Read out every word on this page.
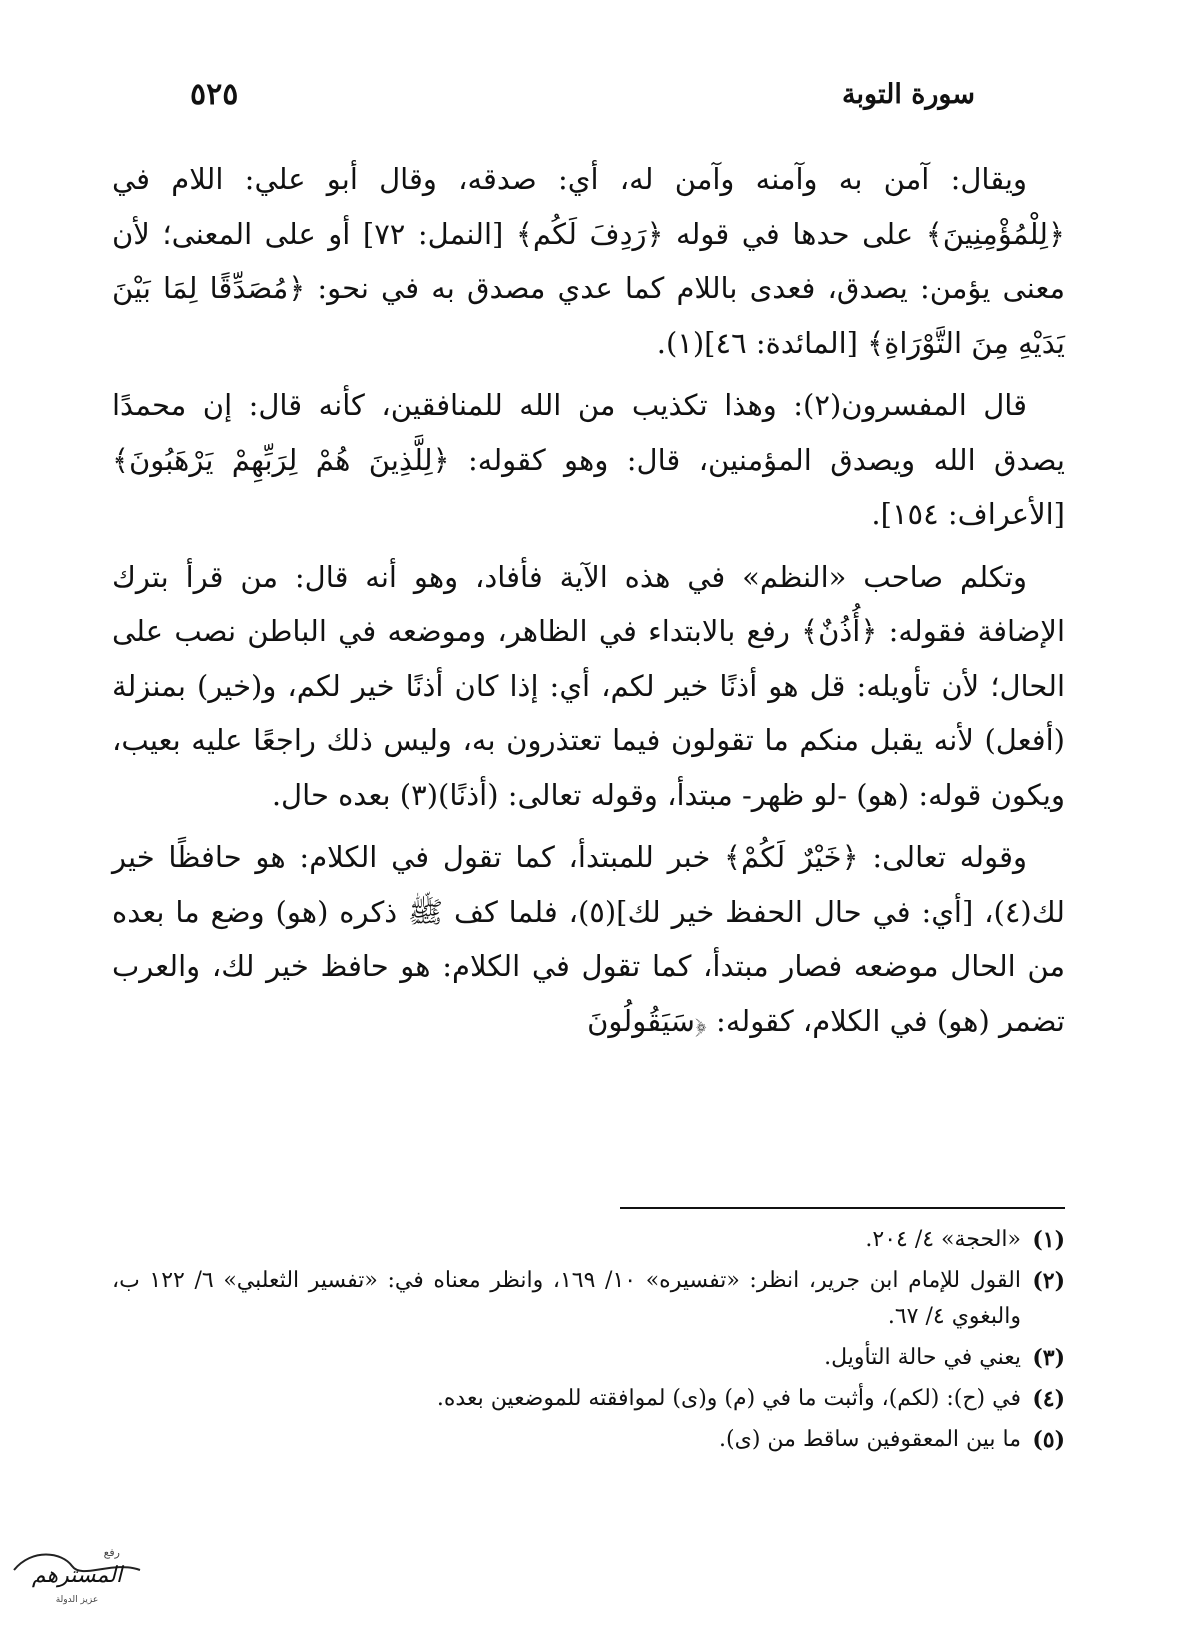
سورة التوبة
٥٢٥

ويقال: آمن به وآمنه وآمن له، أي: صدقه، وقال أبو علي: اللام في ﴿لِلْمُؤْمِنِينَ﴾ على حدها في قوله ﴿رَدِفَ لَكُم﴾ [النمل: ٧٢] أو على المعنى؛ لأن معنى يؤمن: يصدق، فعدى باللام كما عدي مصدق به في نحو: ﴿مُصَدِّقًا لِمَا بَيْنَ يَدَيْهِ مِنَ التَّوْرَاةِ﴾ [المائدة: ٤٦](١).

قال المفسرون(٢): وهذا تكذيب من الله للمنافقين، كأنه قال: إن محمدًا يصدق الله ويصدق المؤمنين، قال: وهو كقوله: ﴿لِلَّذِينَ هُمْ لِرَبِّهِمْ يَرْهَبُونَ﴾ [الأعراف: ١٥٤].

وتكلم صاحب «النظم» في هذه الآية فأفاد، وهو أنه قال: من قرأ بترك الإضافة فقوله: ﴿أُذُنٌ﴾ رفع بالابتداء في الظاهر، وموضعه في الباطن نصب على الحال؛ لأن تأويله: قل هو أذنًا خير لكم، أي: إذا كان أذنًا خير لكم، و(خير) بمنزلة (أفعل) لأنه يقبل منكم ما تقولون فيما تعتذرون به، وليس ذلك راجعًا عليه بعيب، ويكون قوله: (هو) -لو ظهر- مبتدأ، وقوله تعالى: (أذنًا)(٣) بعده حال.

وقوله تعالى: ﴿خَيْرٌ لَكُمْ﴾ خبر للمبتدأ، كما تقول في الكلام: هو حافظًا خير لك(٤)، [أي: في حال الحفظ خير لك](٥)، فلما كف ﷺ ذكره (هو) وضع ما بعده من الحال موضعه فصار مبتدأ، كما تقول في الكلام: هو حافظ خير لك، والعرب تضمر (هو) في الكلام، كقوله: ﴿سَيَقُولُونَ

(١)
«الحجة» ٤/ ٢٠٤.
(٢)
القول للإمام ابن جرير، انظر: «تفسيره» ١٠/ ١٦٩، وانظر معناه في: «تفسير الثعلبي» ٦/ ١٢٢ ب، والبغوي ٤/ ٦٧.
(٣)
يعني في حالة التأويل.
(٤)
في (ح): (لكم)، وأثبت ما في (م) و(ى) لموافقته للموضعين بعده.
(٥)
ما بين المعقوفين ساقط من (ى).
رفع
المسترهم
عزيز الدولة
